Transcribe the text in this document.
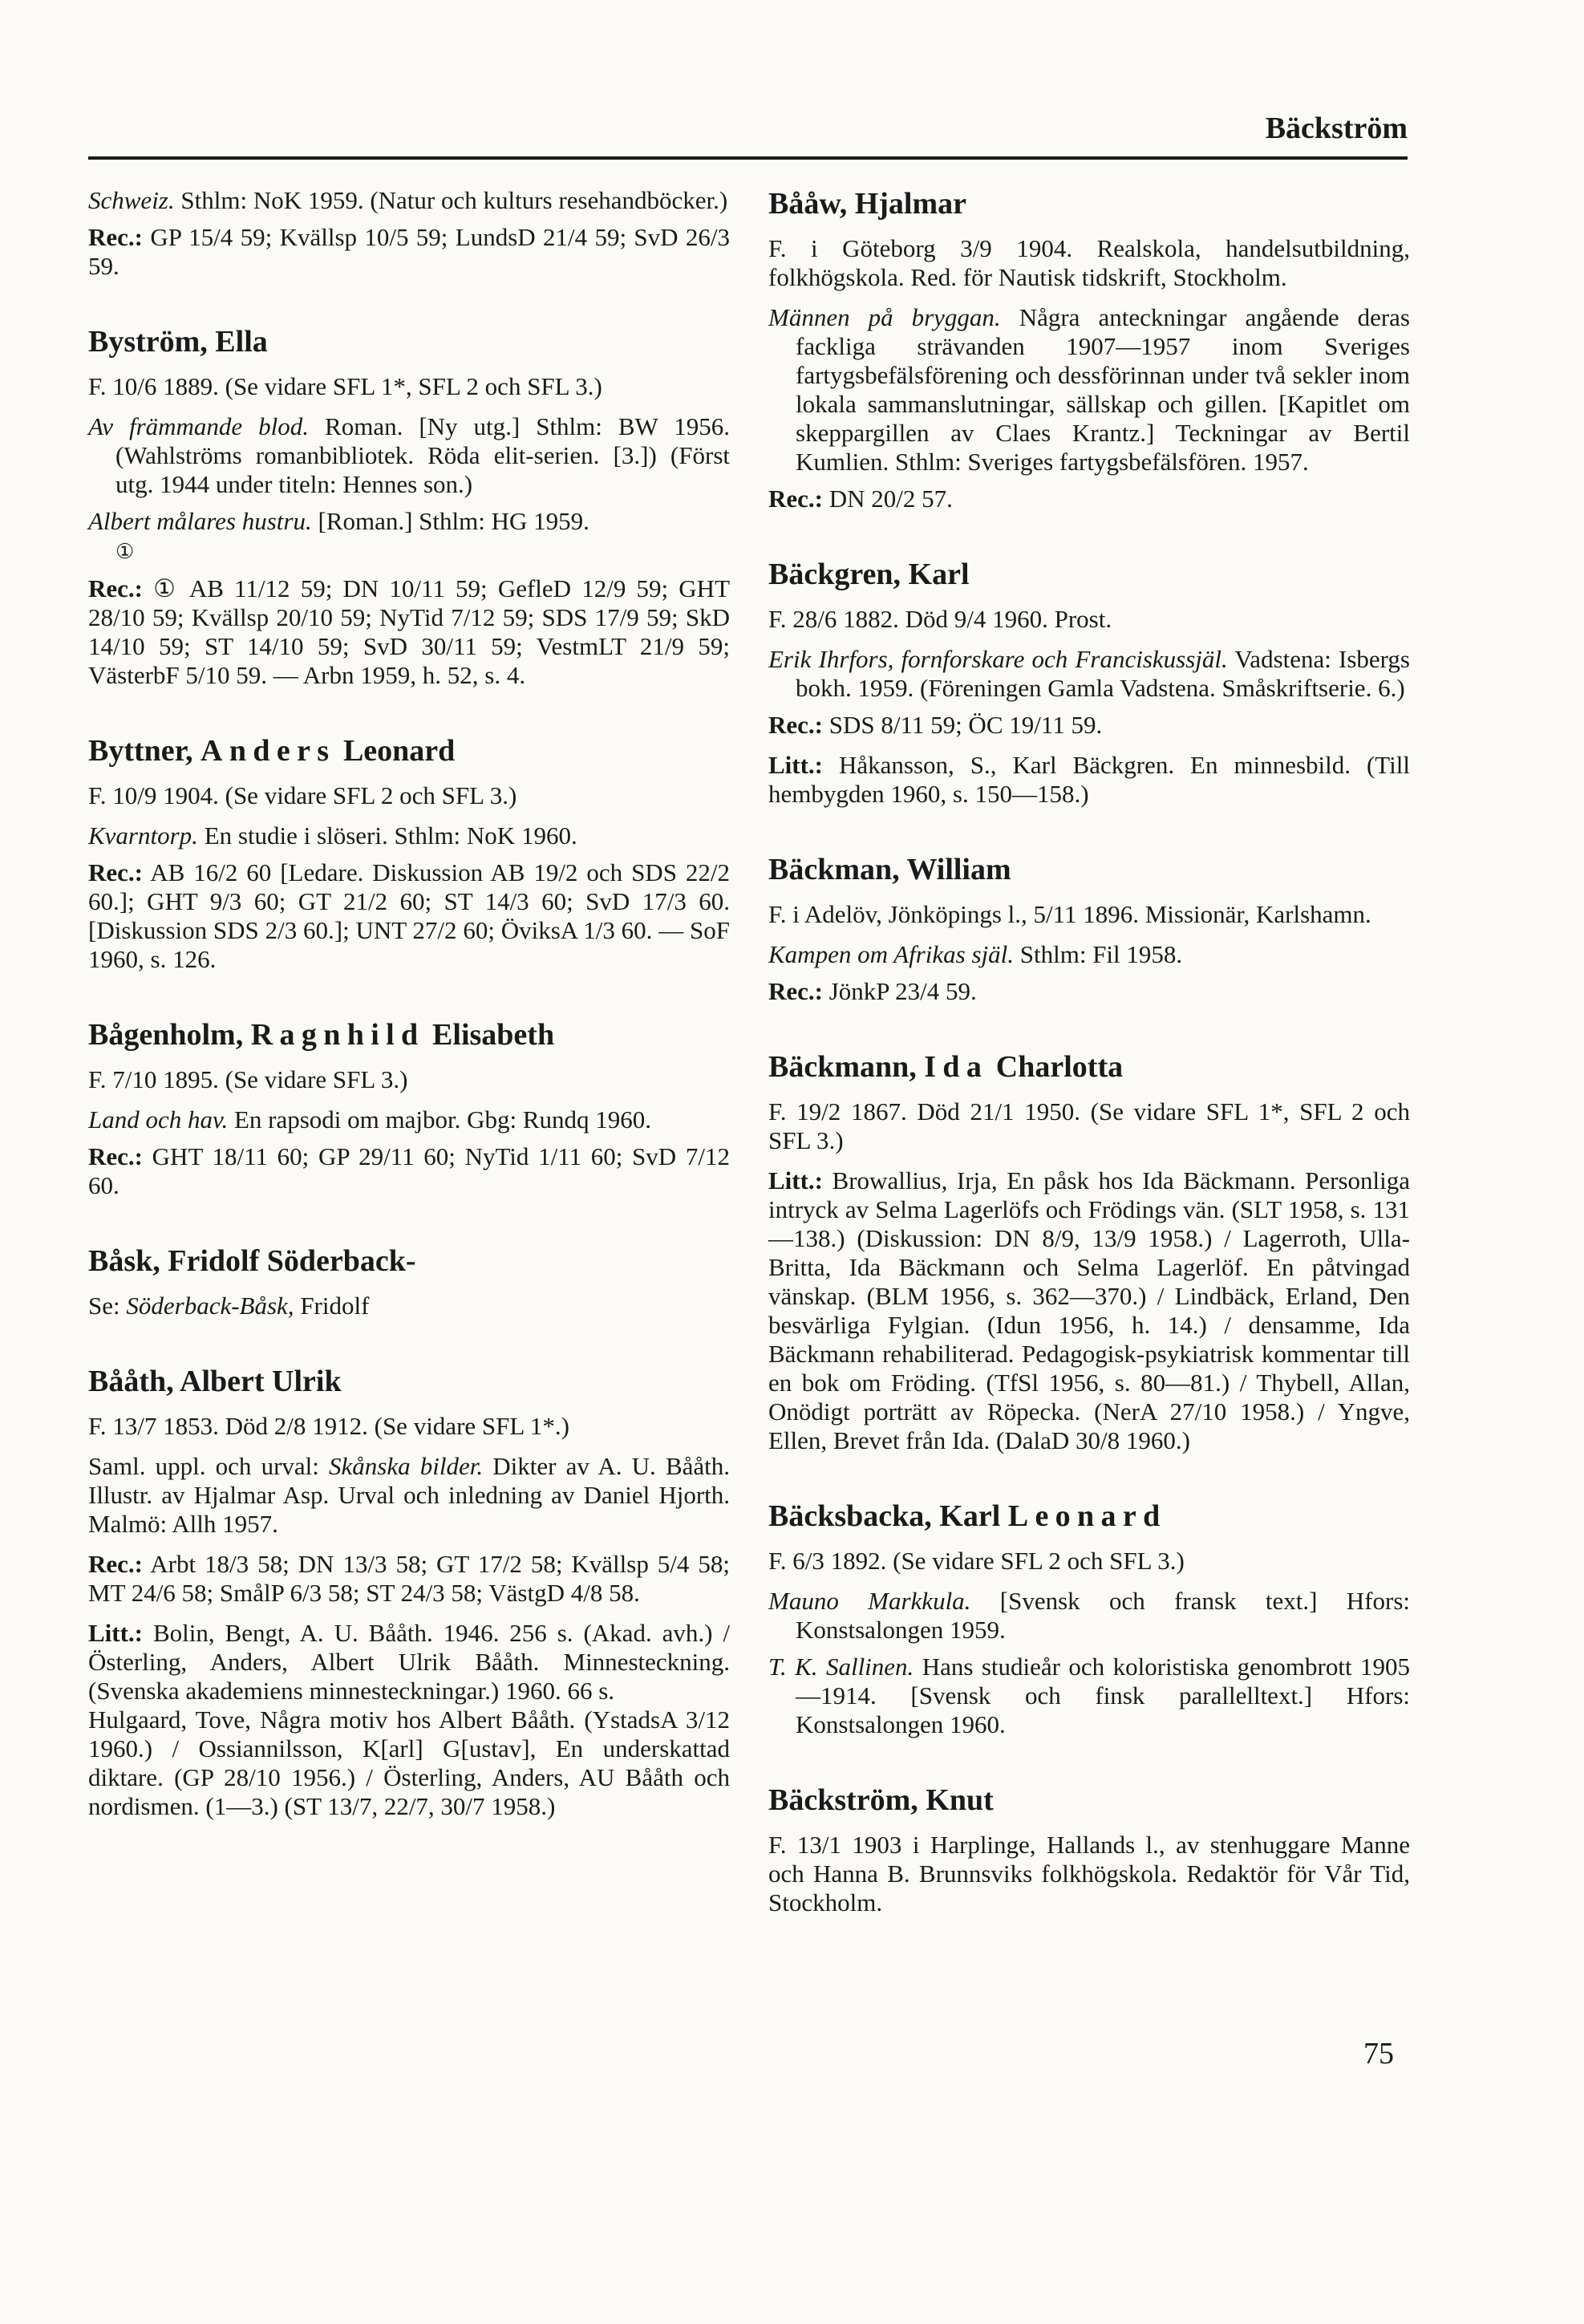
Bäckström

Schweiz. Sthlm: NoK 1959. (Natur och kulturs resehandböcker.)

Rec.: GP 15/4 59; Kvällsp 10/5 59; LundsD 21/4 59; SvD 26/3 59.

Byström, Ella

F. 10/6 1889. (Se vidare SFL 1*, SFL 2 och SFL 3.)

Av främmande blod. Roman. [Ny utg.] Sthlm: BW 1956. (Wahlströms romanbibliotek. Röda elit-serien. [3.]) (Först utg. 1944 under titeln: Hennes son.)

Albert målares hustru. [Roman.] Sthlm: HG 1959.
①

Rec.: ① AB 11/12 59; DN 10/11 59; GefleD 12/9 59; GHT 28/10 59; Kvällsp 20/10 59; NyTid 7/12 59; SDS 17/9 59; SkD 14/10 59; ST 14/10 59; SvD 30/11 59; VestmLT 21/9 59; VästerbF 5/10 59. — Arbn 1959, h. 52, s. 4.

Byttner, Anders Leonard

F. 10/9 1904. (Se vidare SFL 2 och SFL 3.)

Kvarntorp. En studie i slöseri. Sthlm: NoK 1960.

Rec.: AB 16/2 60 [Ledare. Diskussion AB 19/2 och SDS 22/2 60.]; GHT 9/3 60; GT 21/2 60; ST 14/3 60; SvD 17/3 60. [Diskussion SDS 2/3 60.]; UNT 27/2 60; ÖviksA 1/3 60. — SoF 1960, s. 126.

Bågenholm, Ragnhild Elisabeth

F. 7/10 1895. (Se vidare SFL 3.)

Land och hav. En rapsodi om majbor. Gbg: Rundq 1960.

Rec.: GHT 18/11 60; GP 29/11 60; NyTid 1/11 60; SvD 7/12 60.

Båsk, Fridolf Söderback-

Se: Söderback-Båsk, Fridolf

Bååth, Albert Ulrik

F. 13/7 1853. Död 2/8 1912. (Se vidare SFL 1*.)

Saml. uppl. och urval: Skånska bilder. Dikter av A. U. Bååth. Illustr. av Hjalmar Asp. Urval och inledning av Daniel Hjorth. Malmö: Allh 1957.

Rec.: Arbt 18/3 58; DN 13/3 58; GT 17/2 58; Kvällsp 5/4 58; MT 24/6 58; SmålP 6/3 58; ST 24/3 58; VästgD 4/8 58.

Litt.: Bolin, Bengt, A. U. Bååth. 1946. 256 s. (Akad. avh.) / Österling, Anders, Albert Ulrik Bååth. Minnesteckning. (Svenska akademiens minnesteckningar.) 1960. 66 s.

Hulgaard, Tove, Några motiv hos Albert Bååth. (YstadsA 3/12 1960.) / Ossiannilsson, K[arl] G[ustav], En underskattad diktare. (GP 28/10 1956.) / Österling, Anders, AU Bååth och nordismen. (1—3.) (ST 13/7, 22/7, 30/7 1958.)

Bååw, Hjalmar

F. i Göteborg 3/9 1904. Realskola, handelsutbildning, folkhögskola. Red. för Nautisk tidskrift, Stockholm.

Männen på bryggan. Några anteckningar angående deras fackliga strävanden 1907—1957 inom Sveriges fartygsbefälsförening och dessförinnan under två sekler inom lokala sammanslutningar, sällskap och gillen. [Kapitlet om skeppargillen av Claes Krantz.] Teckningar av Bertil Kumlien. Sthlm: Sveriges fartygsbefälsfören. 1957.

Rec.: DN 20/2 57.

Bäckgren, Karl

F. 28/6 1882. Död 9/4 1960. Prost.

Erik Ihrfors, fornforskare och Franciskussjäl. Vadstena: Isbergs bokh. 1959. (Föreningen Gamla Vadstena. Småskriftserie. 6.)

Rec.: SDS 8/11 59; ÖC 19/11 59.

Litt.: Håkansson, S., Karl Bäckgren. En minnesbild. (Till hembygden 1960, s. 150—158.)

Bäckman, William

F. i Adelöv, Jönköpings l., 5/11 1896. Missionär, Karlshamn.

Kampen om Afrikas själ. Sthlm: Fil 1958.

Rec.: JönkP 23/4 59.

Bäckmann, Ida Charlotta

F. 19/2 1867. Död 21/1 1950. (Se vidare SFL 1*, SFL 2 och SFL 3.)

Litt.: Browallius, Irja, En påsk hos Ida Bäckmann. Personliga intryck av Selma Lagerlöfs och Frödings vän. (SLT 1958, s. 131—138.) (Diskussion: DN 8/9, 13/9 1958.) / Lagerroth, Ulla-Britta, Ida Bäckmann och Selma Lagerlöf. En påtvingad vänskap. (BLM 1956, s. 362—370.) / Lindbäck, Erland, Den besvärliga Fylgian. (Idun 1956, h. 14.) / densamme, Ida Bäckmann rehabiliterad. Pedagogisk-psykiatrisk kommentar till en bok om Fröding. (TfSl 1956, s. 80—81.) / Thybell, Allan, Onödigt porträtt av Röpecka. (NerA 27/10 1958.) / Yngve, Ellen, Brevet från Ida. (DalaD 30/8 1960.)

Bäcksbacka, Karl Leonard

F. 6/3 1892. (Se vidare SFL 2 och SFL 3.)

Mauno Markkula. [Svensk och fransk text.] Hfors: Konstsalongen 1959.

T. K. Sallinen. Hans studieår och koloristiska genombrott 1905—1914. [Svensk och finsk parallelltext.] Hfors: Konstsalongen 1960.

Bäckström, Knut

F. 13/1 1903 i Harplinge, Hallands l., av stenhuggare Manne och Hanna B. Brunnsviks folkhögskola. Redaktör för Vår Tid, Stockholm.

75
